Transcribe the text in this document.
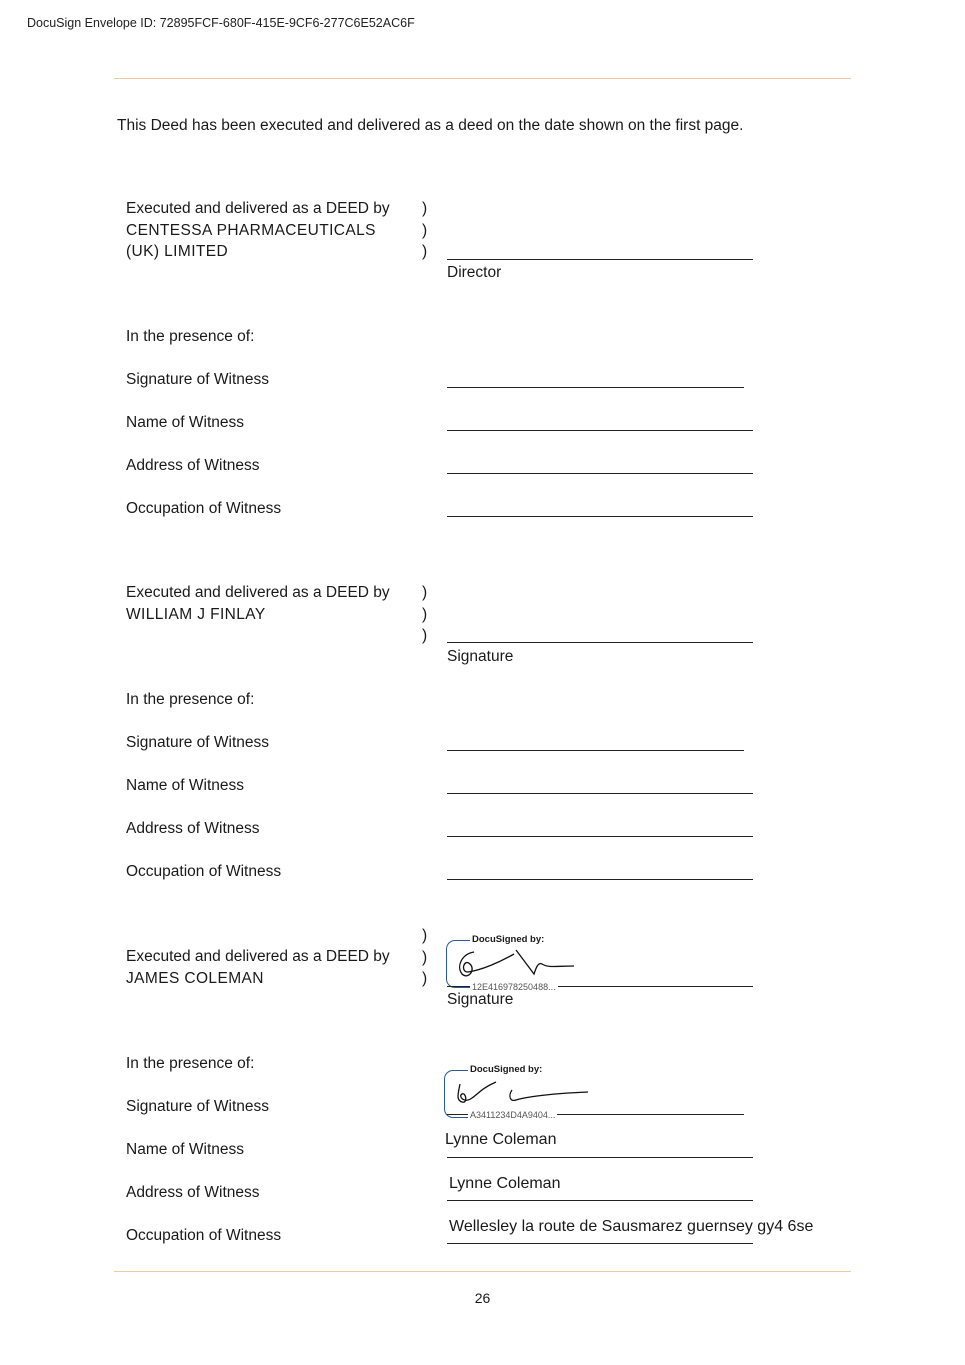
DocuSign Envelope ID: 72895FCF-680F-415E-9CF6-277C6E52AC6F
This Deed has been executed and delivered as a deed on the date shown on the first page.
Executed and delivered as a DEED by
CENTESSA PHARMACEUTICALS
(UK) LIMITED
)
)
)
Director
In the presence of:
Signature of Witness
Name of Witness
Address of Witness
Occupation of Witness
Executed and delivered as a DEED by
WILLIAM J FINLAY
)
)
)
Signature
In the presence of:
Signature of Witness
Name of Witness
Address of Witness
Occupation of Witness
)
)
)
Executed and delivered as a DEED by
JAMES COLEMAN
DocuSigned by:
12E416978250488...
Signature
In the presence of:	DocuSigned by:
Signature of Witness	A3411234D4A9404...
Lynne Coleman
Name of Witness
Lynne Coleman
Address of Witness
Wellesley la route de Sausmarez guernsey gy4 6se
Occupation of Witness
26
